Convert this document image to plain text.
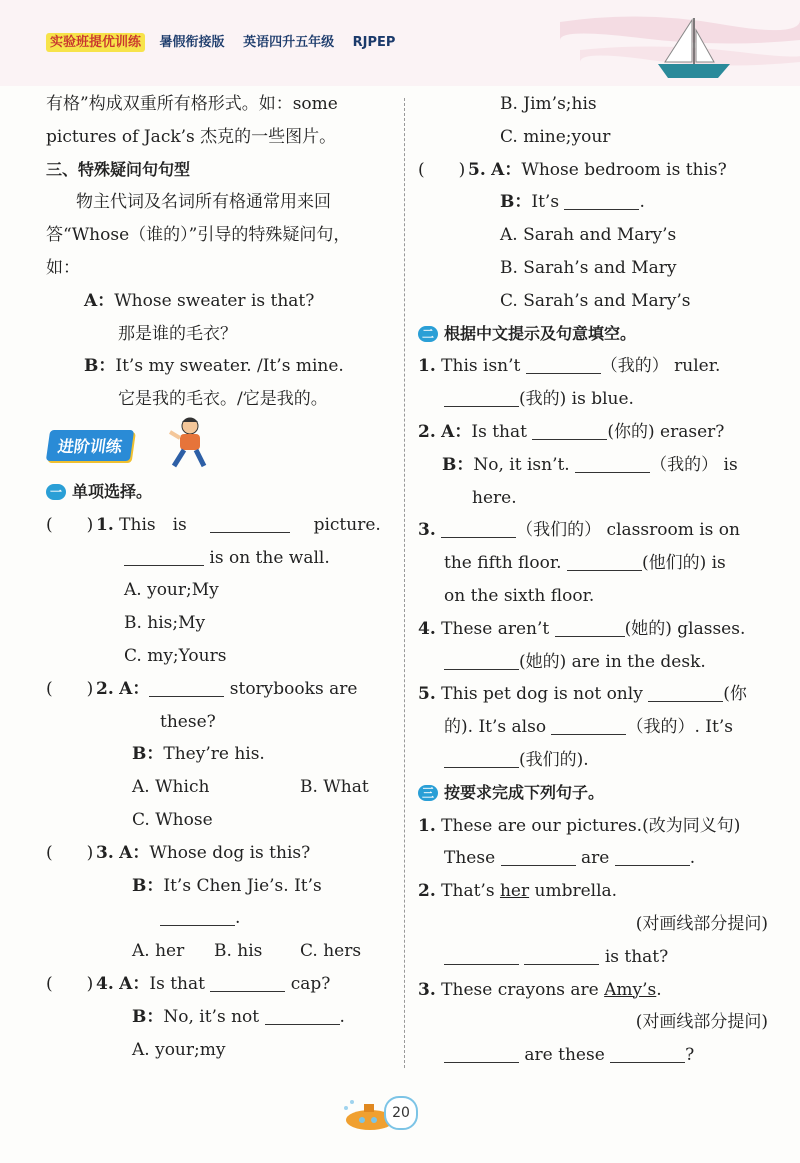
实验班提优训练 暑假衔接版 英语四升五年级 RJPEP
有格”构成双重所有格形式。如：some
pictures of Jack’s 杰克的一些图片。
三、特殊疑问句句型
物主代词及名词所有格通常用来回
答“Whose（谁的）”引导的特殊疑问句，
如：
A：Whose sweater is that?
那是谁的毛衣？
B：It’s my sweater. /It’s mine.
它是我的毛衣。/它是我的。
进阶训练
一 单项选择。
(　　) 1. This　is	picture.
is on the wall.
A. your;My
B. his;My
C. my;Yours
(　　) 2. A：	storybooks are
these?
B：They’re his.
A. Which	B. What
C. Whose
(　　) 3. A：Whose dog is this?
B：It’s Chen Jie’s. It’s
.
A. her B. his C. hers
(　　) 4. A：Is that	cap?
B：No, it’s not	.
A. your;my
B. Jim’s;his
C. mine;your
(　　) 5. A：Whose bedroom is this?
B：It’s	.
A. Sarah and Mary’s
B. Sarah’s and Mary
C. Sarah’s and Mary’s
二 根据中文提示及句意填空。
1. This isn’t	（我的） ruler.
(我的) is blue.
2. A：Is that	(你的) eraser?
B：No, it isn’t.	（我的） is
here.
3.	（我们的） classroom is on
the fifth floor.	(他们的) is
on the sixth floor.
4. These aren’t	(她的) glasses.
(她的) are in the desk.
5. This pet dog is not only	(你
的). It’s also	（我的）. It’s
(我们的).
三 按要求完成下列句子。
1. These are our pictures.(改为同义句)
These	are	.
2. That’s her umbrella.
(对画线部分提问)
is that?
3. These crayons are Amy’s.
(对画线部分提问)
are these	?
20
